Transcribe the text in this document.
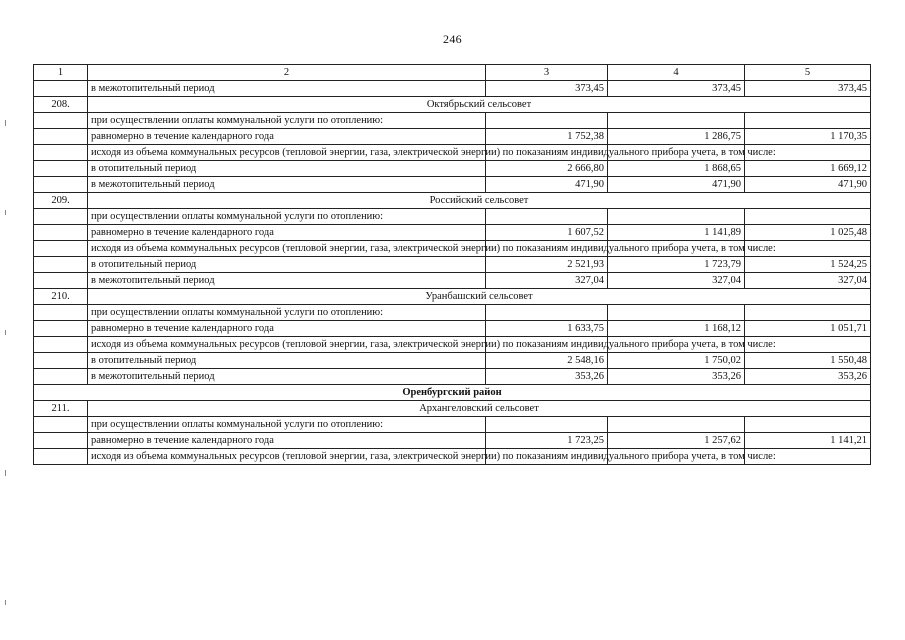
246
1	2	3	4	5
	в межотопительный период	373,45	373,45	373,45
208.	Октябрьский сельсовет			
	при осуществлении оплаты коммунальной услуги по отоплению:			
	равномерно в течение календарного года	1 752,38	1 286,75	1 170,35
	исходя из объема коммунальных ресурсов (тепловой энергии, газа, электрической энергии) по показаниям индивидуального прибора учета, в том числе:			
	в отопительный период	2 666,80	1 868,65	1 669,12
	в межотопительный период	471,90	471,90	471,90
209.	Российский сельсовет			
	при осуществлении оплаты коммунальной услуги по отоплению:			
	равномерно в течение календарного года	1 607,52	1 141,89	1 025,48
	исходя из объема коммунальных ресурсов (тепловой энергии, газа, электрической энергии) по показаниям индивидуального прибора учета, в том числе:			
	в отопительный период	2 521,93	1 723,79	1 524,25
	в межотопительный период	327,04	327,04	327,04
210.	Уранбашский сельсовет			
	при осуществлении оплаты коммунальной услуги по отоплению:			
	равномерно в течение календарного года	1 633,75	1 168,12	1 051,71
	исходя из объема коммунальных ресурсов (тепловой энергии, газа, электрической энергии) по показаниям индивидуального прибора учета, в том числе:			
	в отопительный период	2 548,16	1 750,02	1 550,48
	в межотопительный период	353,26	353,26	353,26
Оренбургский район				
211.	Архангеловский сельсовет			
	при осуществлении оплаты коммунальной услуги по отоплению:			
	равномерно в течение календарного года	1 723,25	1 257,62	1 141,21
	исходя из объема коммунальных ресурсов (тепловой энергии, газа, электрической энергии) по показаниям индивидуального прибора учета, в том числе:			
